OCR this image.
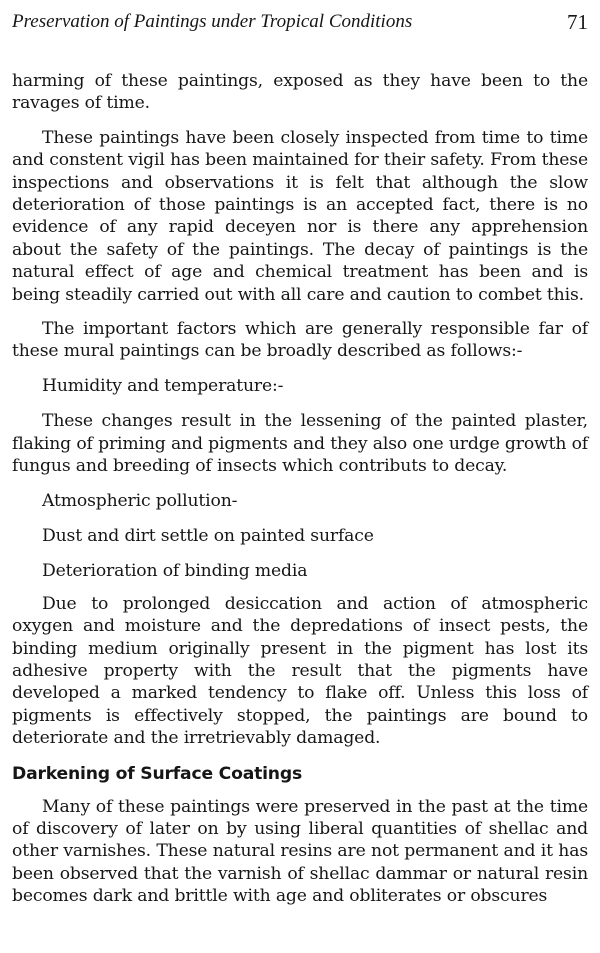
Preservation of Paintings under Tropical Conditions	71

harming of these paintings, exposed as they have been to the ravages of time.

These paintings have been closely inspected from time to time and constent vigil has been maintained for their safety. From these inspections and observations it is felt that although the slow deterioration of those paintings is an accepted fact, there is no evidence of any rapid deceyen nor is there any apprehension about the safety of the paintings. The decay of paintings is the natural effect of age and chemical treatment has been and is being steadily carried out with all care and caution to combet this.

The important factors which are generally responsible far of these mural paintings can be broadly described as follows:-

Humidity and temperature:-

These changes result in the lessening of the painted plaster, flaking of priming and pigments and they also one urdge growth of fungus and breeding of insects which contributs to decay.

Atmospheric pollution-

Dust and dirt settle on painted surface

Deterioration of binding media

Due to prolonged desiccation and action of atmospheric oxygen and moisture and the depredations of insect pests, the binding medium originally present in the pigment has lost its adhesive property with the result that the pigments have developed a marked tendency to flake off. Unless this loss of pigments is effectively stopped, the paintings are bound to deteriorate and the irretrievably damaged.

Darkening of Surface Coatings

Many of these paintings were preserved in the past at the time of discovery of later on by using liberal quantities of shellac and other varnishes. These natural resins are not permanent and it has been observed that the varnish of shellac dammar or natural resin becomes dark and brittle with age and obliterates or obscures
